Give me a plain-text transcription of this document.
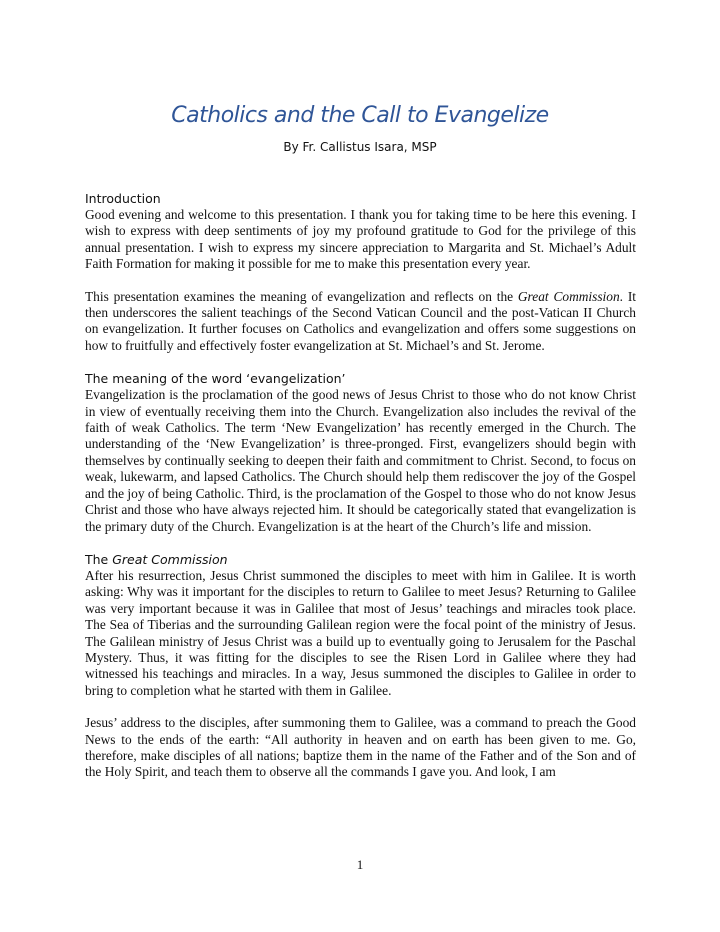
Catholics and the Call to Evangelize
By Fr. Callistus Isara, MSP
Introduction

Good evening and welcome to this presentation. I thank you for taking time to be here this evening. I wish to express with deep sentiments of joy my profound gratitude to God for the privilege of this annual presentation. I wish to express my sincere appreciation to Margarita and St. Michael’s Adult Faith Formation for making it possible for me to make this presentation every year.

This presentation examines the meaning of evangelization and reflects on the Great Commission. It then underscores the salient teachings of the Second Vatican Council and the post-Vatican II Church on evangelization. It further focuses on Catholics and evangelization and offers some suggestions on how to fruitfully and effectively foster evangelization at St. Michael’s and St. Jerome.

The meaning of the word ‘evangelization’

Evangelization is the proclamation of the good news of Jesus Christ to those who do not know Christ in view of eventually receiving them into the Church. Evangelization also includes the revival of the faith of weak Catholics. The term ‘New Evangelization’ has recently emerged in the Church. The understanding of the ‘New Evangelization’ is three-pronged. First, evangelizers should begin with themselves by continually seeking to deepen their faith and commitment to Christ. Second, to focus on weak, lukewarm, and lapsed Catholics. The Church should help them rediscover the joy of the Gospel and the joy of being Catholic. Third, is the proclamation of the Gospel to those who do not know Jesus Christ and those who have always rejected him. It should be categorically stated that evangelization is the primary duty of the Church. Evangelization is at the heart of the Church’s life and mission.

The Great Commission

After his resurrection, Jesus Christ summoned the disciples to meet with him in Galilee. It is worth asking: Why was it important for the disciples to return to Galilee to meet Jesus? Returning to Galilee was very important because it was in Galilee that most of Jesus’ teachings and miracles took place. The Sea of Tiberias and the surrounding Galilean region were the focal point of the ministry of Jesus. The Galilean ministry of Jesus Christ was a build up to eventually going to Jerusalem for the Paschal Mystery. Thus, it was fitting for the disciples to see the Risen Lord in Galilee where they had witnessed his teachings and miracles. In a way, Jesus summoned the disciples to Galilee in order to bring to completion what he started with them in Galilee.

Jesus’ address to the disciples, after summoning them to Galilee, was a command to preach the Good News to the ends of the earth: “All authority in heaven and on earth has been given to me. Go, therefore, make disciples of all nations; baptize them in the name of the Father and of the Son and of the Holy Spirit, and teach them to observe all the commands I gave you. And look, I am

1
